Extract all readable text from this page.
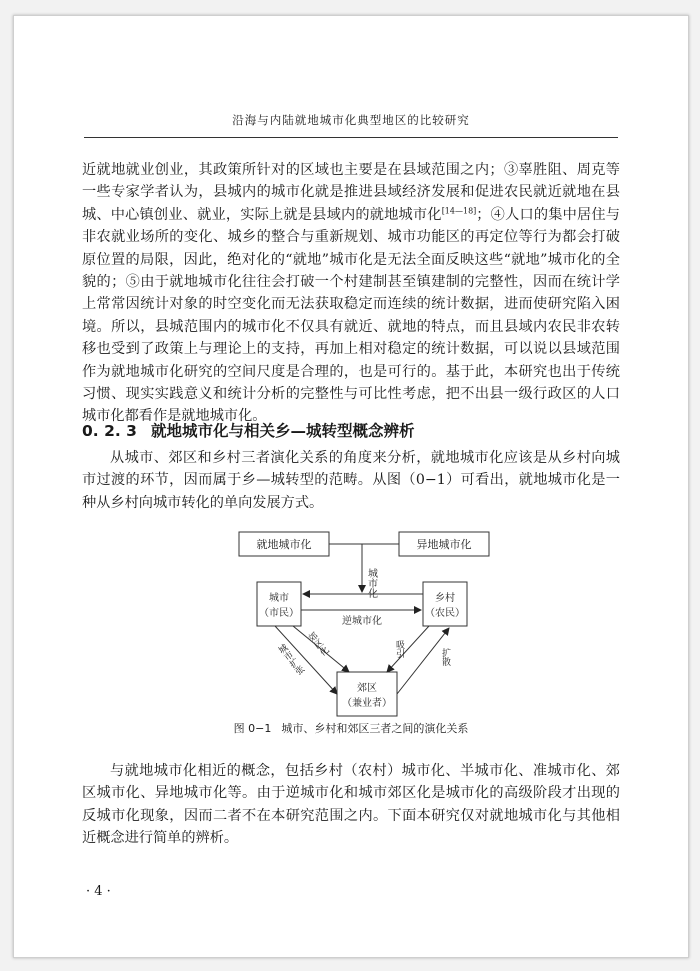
沿海与内陆就地城市化典型地区的比较研究

近就地就业创业，其政策所针对的区域也主要是在县域范围之内；③辜胜阻、周克等一些专家学者认为，县城内的城市化就是推进县域经济发展和促进农民就近就地在县城、中心镇创业、就业，实际上就是县域内的就地城市化[14—18]；④人口的集中居住与非农就业场所的变化、城乡的整合与重新规划、城市功能区的再定位等行为都会打破原位置的局限，因此，绝对化的“就地”城市化是无法全面反映这些“就地”城市化的全貌的；⑤由于就地城市化往往会打破一个村建制甚至镇建制的完整性，因而在统计学上常常因统计对象的时空变化而无法获取稳定而连续的统计数据，进而使研究陷入困境。所以，县城范围内的城市化不仅具有就近、就地的特点，而且县域内农民非农转移也受到了政策上与理论上的支持，再加上相对稳定的统计数据，可以说以县域范围作为就地城市化研究的空间尺度是合理的，也是可行的。基于此，本研究也出于传统习惯、现实实践意义和统计分析的完整性与可比性考虑，把不出县一级行政区的人口城市化都看作是就地城市化。

0. 2. 3 就地城市化与相关乡—城转型概念辨析

从城市、郊区和乡村三者演化关系的角度来分析，就地城市化应该是从乡村向城市过渡的环节，因而属于乡—城转型的范畴。从图（0−1）可看出，就地城市化是一种从乡村向城市转化的单向发展方式。

就地城市化	异地城市化
城市化
城市
（市民）
乡村
（农民）
逆城市化
郊区
（兼业者）
城市扩张 郊区化	吸引	扩散
图 0−1 城市、乡村和郊区三者之间的演化关系

与就地城市化相近的概念，包括乡村（农村）城市化、半城市化、准城市化、郊区城市化、异地城市化等。由于逆城市化和城市郊区化是城市化的高级阶段才出现的反城市化现象，因而二者不在本研究范围之内。下面本研究仅对就地城市化与其他相近概念进行简单的辨析。

· 4 ·
